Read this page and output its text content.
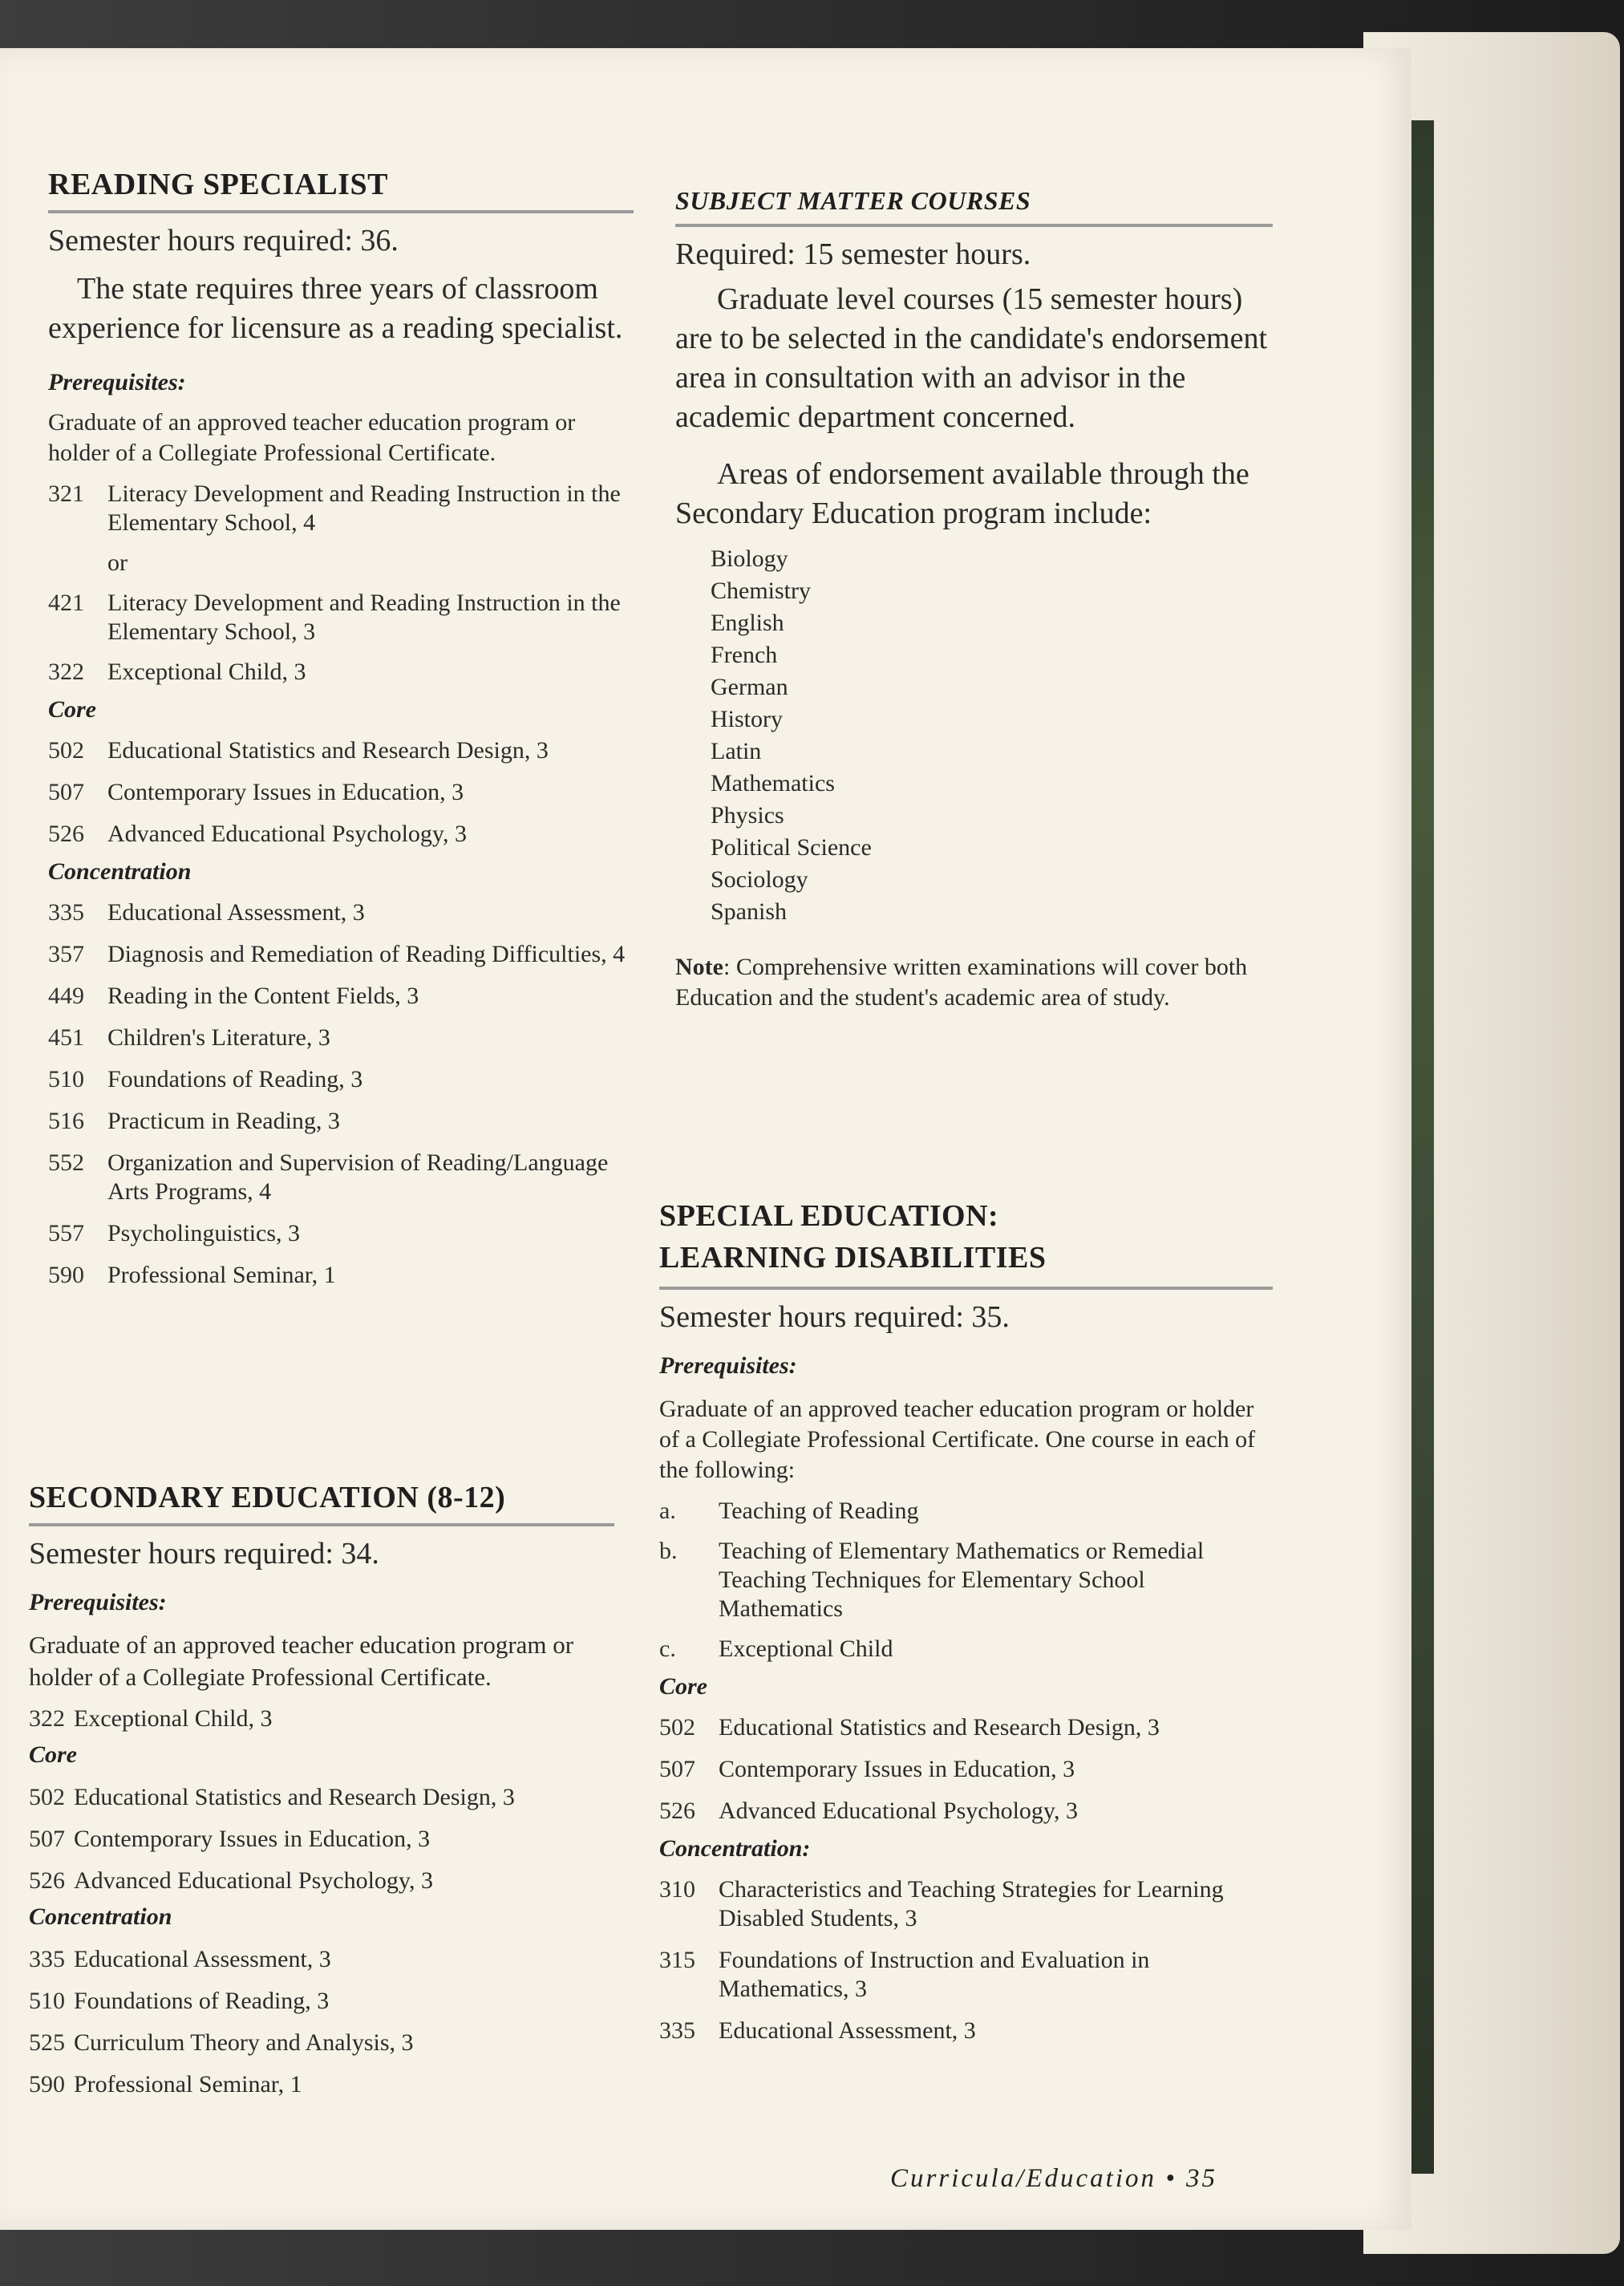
READING SPECIALIST

Semester hours required: 36.

The state requires three years of classroom experience for licensure as a reading specialist.

Prerequisites:

Graduate of an approved teacher education program or holder of a Collegiate Professional Certificate.

321 Literacy Development and Reading Instruction in the Elementary School, 4
or
421 Literacy Development and Reading Instruction in the Elementary School, 3
322 Exceptional Child, 3

Core

502 Educational Statistics and Research Design, 3
507 Contemporary Issues in Education, 3
526 Advanced Educational Psychology, 3

Concentration

335 Educational Assessment, 3
357 Diagnosis and Remediation of Reading Difficulties, 4
449 Reading in the Content Fields, 3
451 Children's Literature, 3
510 Foundations of Reading, 3
516 Practicum in Reading, 3
552 Organization and Supervision of Reading/Language Arts Programs, 4
557 Psycholinguistics, 3
590 Professional Seminar, 1
SECONDARY EDUCATION (8-12)

Semester hours required: 34.

Prerequisites:

Graduate of an approved teacher education program or holder of a Collegiate Professional Certificate.

322 Exceptional Child, 3

Core

502 Educational Statistics and Research Design, 3
507 Contemporary Issues in Education, 3
526 Advanced Educational Psychology, 3

Concentration

335 Educational Assessment, 3
510 Foundations of Reading, 3
525 Curriculum Theory and Analysis, 3
590 Professional Seminar, 1
SUBJECT MATTER COURSES

Required: 15 semester hours.

Graduate level courses (15 semester hours) are to be selected in the candidate's endorsement area in consultation with an advisor in the academic department concerned.

Areas of endorsement available through the Secondary Education program include:

Biology

Chemistry

English

French

German

History

Latin

Mathematics

Physics

Political Science

Sociology

Spanish

Note: Comprehensive written examinations will cover both Education and the student's academic area of study.

SPECIAL EDUCATION:
LEARNING DISABILITIES

Semester hours required: 35.

Prerequisites:

Graduate of an approved teacher education program or holder of a Collegiate Professional Certificate. One course in each of the following:

a.	Teaching of Reading
b.	Teaching of Elementary Mathematics or Remedial Teaching Techniques for Elementary School Mathematics
c.	Exceptional Child

Core

502 Educational Statistics and Research Design, 3
507 Contemporary Issues in Education, 3
526 Advanced Educational Psychology, 3

Concentration:

310 Characteristics and Teaching Strategies for Learning Disabled Students, 3
315 Foundations of Instruction and Evaluation in Mathematics, 3
335 Educational Assessment, 3
Curricula/Education • 35
